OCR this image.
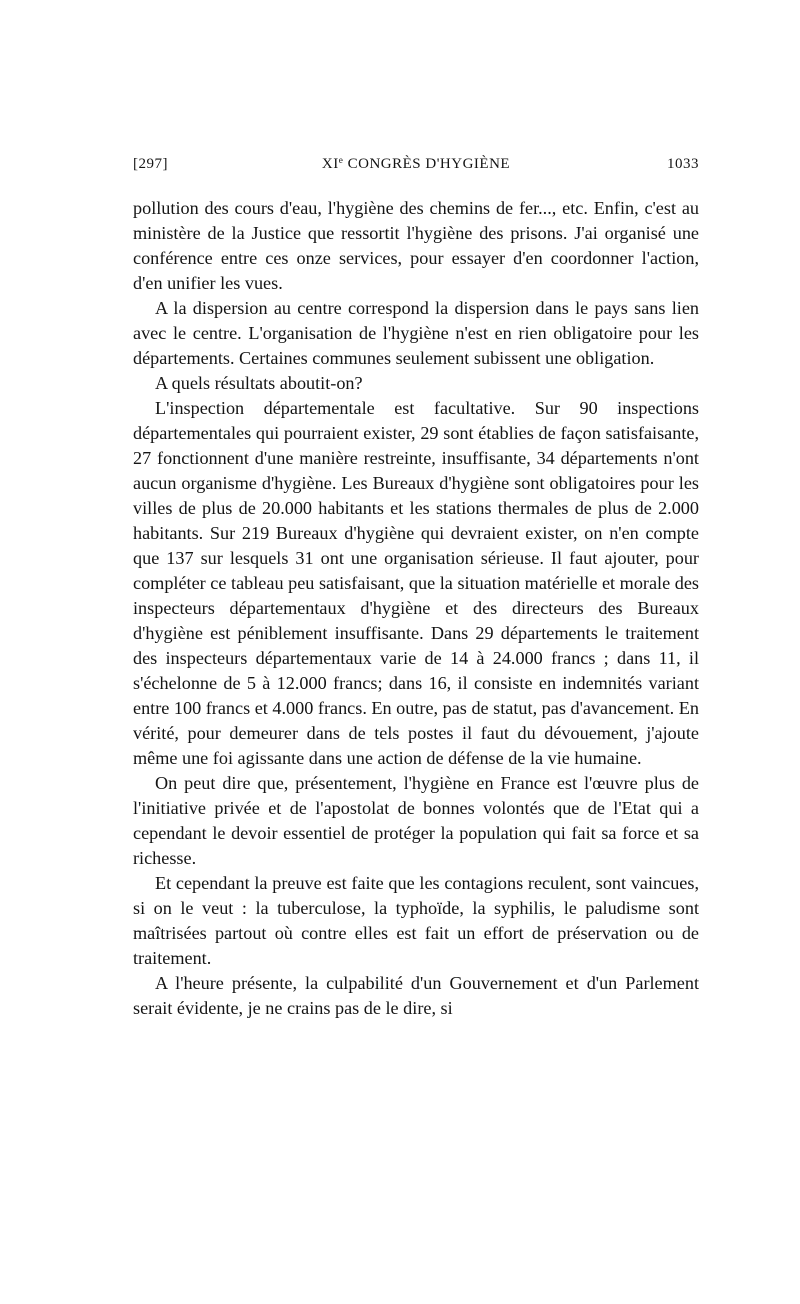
[297]	XIe CONGRÈS D'HYGIÈNE	1033

pollution des cours d'eau, l'hygiène des chemins de fer..., etc. Enfin, c'est au ministère de la Justice que ressortit l'hygiène des prisons. J'ai organisé une conférence entre ces onze services, pour essayer d'en coordonner l'action, d'en unifier les vues.

A la dispersion au centre correspond la dispersion dans le pays sans lien avec le centre. L'organisation de l'hygiène n'est en rien obligatoire pour les départements. Certaines communes seulement subissent une obligation.

A quels résultats aboutit-on?

L'inspection départementale est facultative. Sur 90 inspections départementales qui pourraient exister, 29 sont établies de façon satisfaisante, 27 fonctionnent d'une manière restreinte, insuffisante, 34 départements n'ont aucun organisme d'hygiène. Les Bureaux d'hygiène sont obligatoires pour les villes de plus de 20.000 habitants et les stations thermales de plus de 2.000 habitants. Sur 219 Bureaux d'hygiène qui devraient exister, on n'en compte que 137 sur lesquels 31 ont une organisation sérieuse. Il faut ajouter, pour compléter ce tableau peu satisfaisant, que la situation matérielle et morale des inspecteurs départementaux d'hygiène et des directeurs des Bureaux d'hygiène est péniblement insuffisante. Dans 29 départements le traitement des inspecteurs départementaux varie de 14 à 24.000 francs ; dans 11, il s'échelonne de 5 à 12.000 francs; dans 16, il consiste en indemnités variant entre 100 francs et 4.000 francs. En outre, pas de statut, pas d'avancement. En vérité, pour demeurer dans de tels postes il faut du dévouement, j'ajoute même une foi agissante dans une action de défense de la vie humaine.

On peut dire que, présentement, l'hygiène en France est l'œuvre plus de l'initiative privée et de l'apostolat de bonnes volontés que de l'Etat qui a cependant le devoir essentiel de protéger la population qui fait sa force et sa richesse.

Et cependant la preuve est faite que les contagions reculent, sont vaincues, si on le veut : la tuberculose, la typhoïde, la syphilis, le paludisme sont maîtrisées partout où contre elles est fait un effort de préservation ou de traitement.

A l'heure présente, la culpabilité d'un Gouvernement et d'un Parlement serait évidente, je ne crains pas de le dire, si
